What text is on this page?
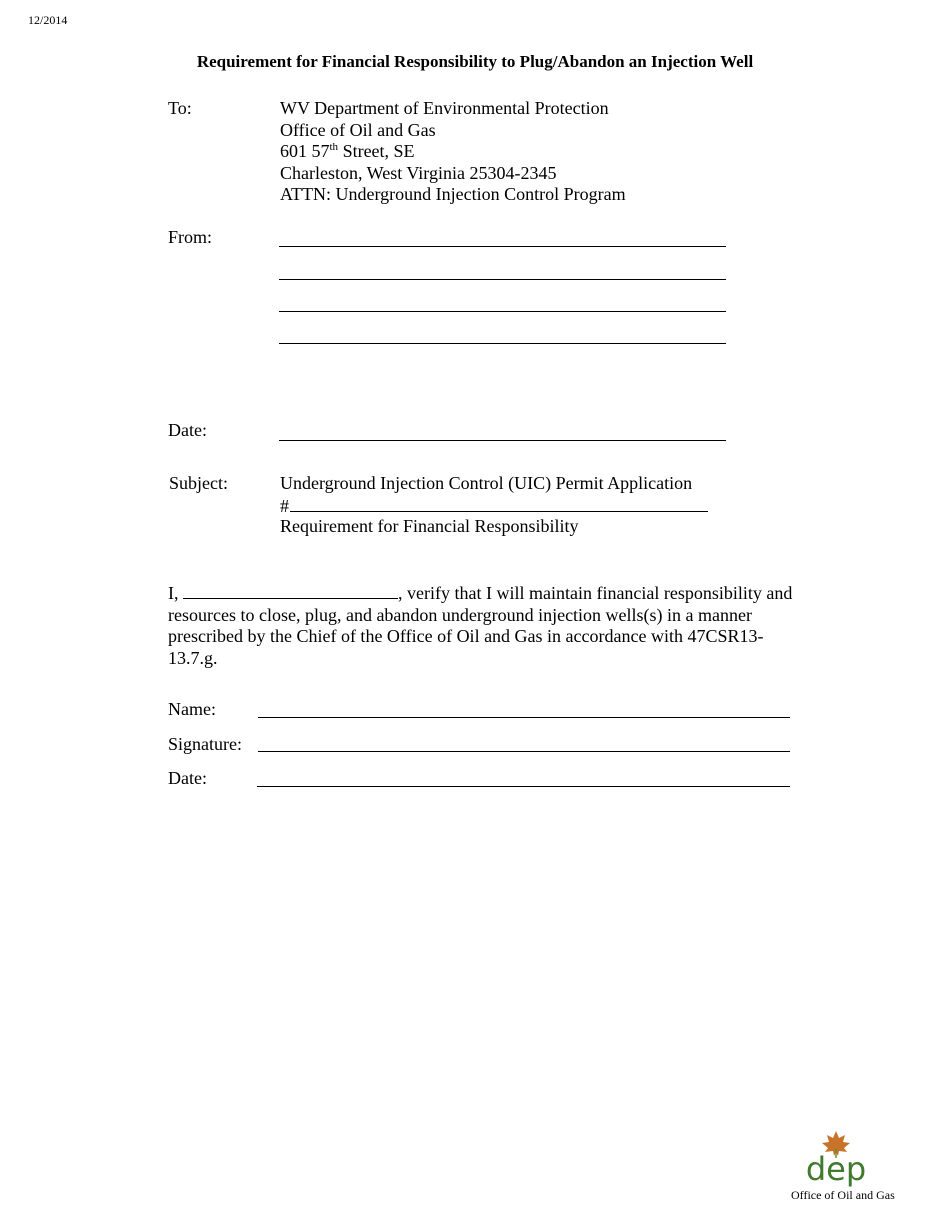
12/2014
Requirement for Financial Responsibility to Plug/Abandon an Injection Well
To:	WV Department of Environmental Protection
Office of Oil and Gas
601 57th Street, SE
Charleston, West Virginia 25304-2345
ATTN: Underground Injection Control Program
From:
Date:
Subject:	Underground Injection Control (UIC) Permit Application
#
Requirement for Financial Responsibility
I,	, verify that I will maintain financial responsibility and resources to close, plug, and abandon underground injection wells(s) in a manner prescribed by the Chief of the Office of Oil and Gas in accordance with 47CSR13-13.7.g.
Name:
Signature:
Date:
dep
Office of Oil and Gas
